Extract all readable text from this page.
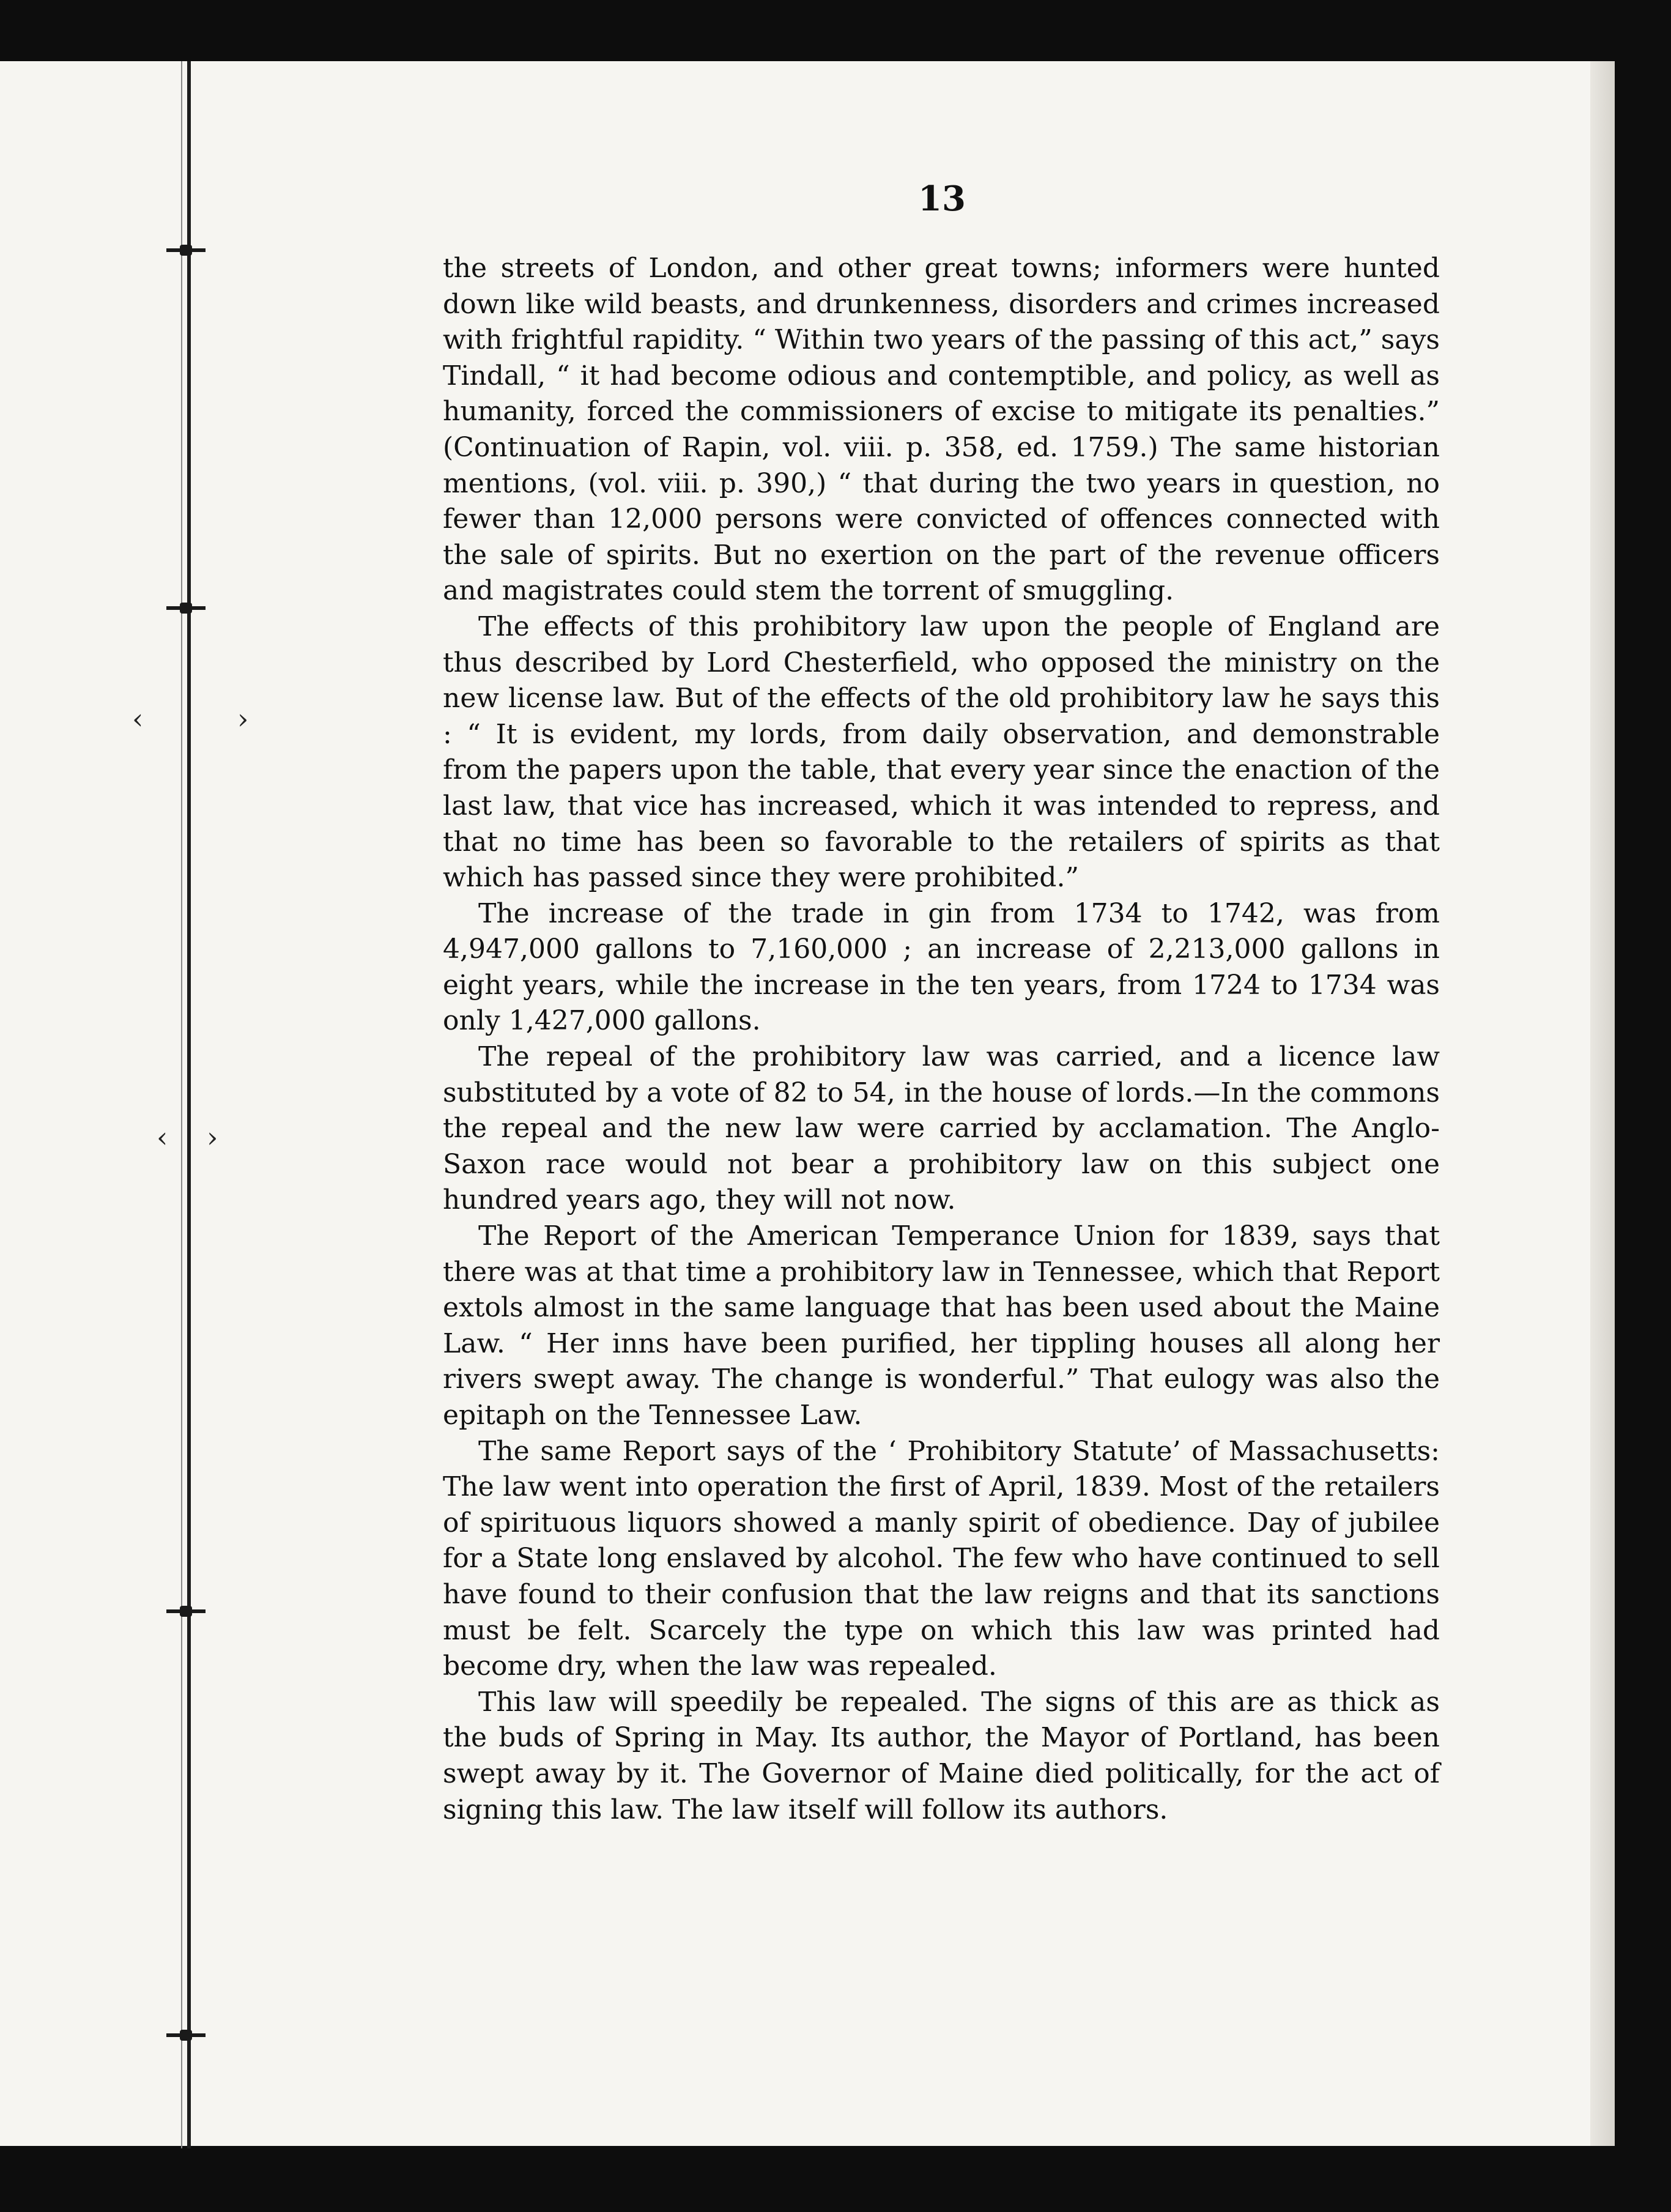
‹	›
‹ ›
13

the streets of London, and other great towns; informers were hunted down like wild beasts, and drunkenness, disorders and crimes increased with frightful rapidity. “ Within two years of the passing of this act,” says Tindall, “ it had become odious and contemptible, and policy, as well as humanity, forced the commissioners of excise to mitigate its penalties.” (Continuation of Rapin, vol. viii. p. 358, ed. 1759.) The same historian mentions, (vol. viii. p. 390,) “ that during the two years in question, no fewer than 12,000 persons were convicted of offences connected with the sale of spirits. But no exertion on the part of the revenue officers and magistrates could stem the torrent of smuggling.

The effects of this prohibitory law upon the people of England are thus described by Lord Chesterfield, who opposed the ministry on the new license law. But of the effects of the old prohibitory law he says this : “ It is evident, my lords, from daily observation, and demonstrable from the papers upon the table, that every year since the enaction of the last law, that vice has increased, which it was intended to repress, and that no time has been so favorable to the retailers of spirits as that which has passed since they were prohibited.”

The increase of the trade in gin from 1734 to 1742, was from 4,947,000 gallons to 7,160,000 ; an increase of 2,213,000 gallons in eight years, while the increase in the ten years, from 1724 to 1734 was only 1,427,000 gallons.

The repeal of the prohibitory law was carried, and a licence law substituted by a vote of 82 to 54, in the house of lords.—In the commons the repeal and the new law were carried by acclamation. The Anglo-Saxon race would not bear a prohibitory law on this subject one hundred years ago, they will not now.

The Report of the American Temperance Union for 1839, says that there was at that time a prohibitory law in Tennessee, which that Report extols almost in the same language that has been used about the Maine Law. “ Her inns have been purified, her tippling houses all along her rivers swept away. The change is wonderful.” That eulogy was also the epitaph on the Tennessee Law.

The same Report says of the ‘ Prohibitory Statute’ of Massachusetts: The law went into operation the first of April, 1839. Most of the retailers of spirituous liquors showed a manly spirit of obedience. Day of jubilee for a State long enslaved by alcohol. The few who have continued to sell have found to their confusion that the law reigns and that its sanctions must be felt. Scarcely the type on which this law was printed had become dry, when the law was repealed.

This law will speedily be repealed. The signs of this are as thick as the buds of Spring in May. Its author, the Mayor of Portland, has been swept away by it. The Governor of Maine died politically, for the act of signing this law. The law itself will follow its authors.
